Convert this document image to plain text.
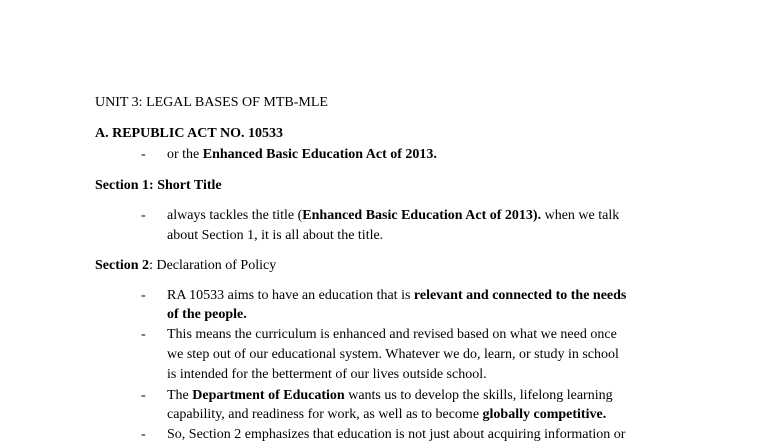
UNIT 3: LEGAL BASES OF MTB-MLE
A. REPUBLIC ACT NO. 10533
- or the Enhanced Basic Education Act of 2013.
Section 1: Short Title
- always tackles the title (Enhanced Basic Education Act of 2013). when we talk
about Section 1, it is all about the title.
Section 2: Declaration of Policy
- RA 10533 aims to have an education that is relevant and connected to the needs
of the people.
- This means the curriculum is enhanced and revised based on what we need once
we step out of our educational system. Whatever we do, learn, or study in school
is intended for the betterment of our lives outside school.
- The Department of Education wants us to develop the skills, lifelong learning
capability, and readiness for work, as well as to become globally competitive.
- So, Section 2 emphasizes that education is not just about acquiring information or
